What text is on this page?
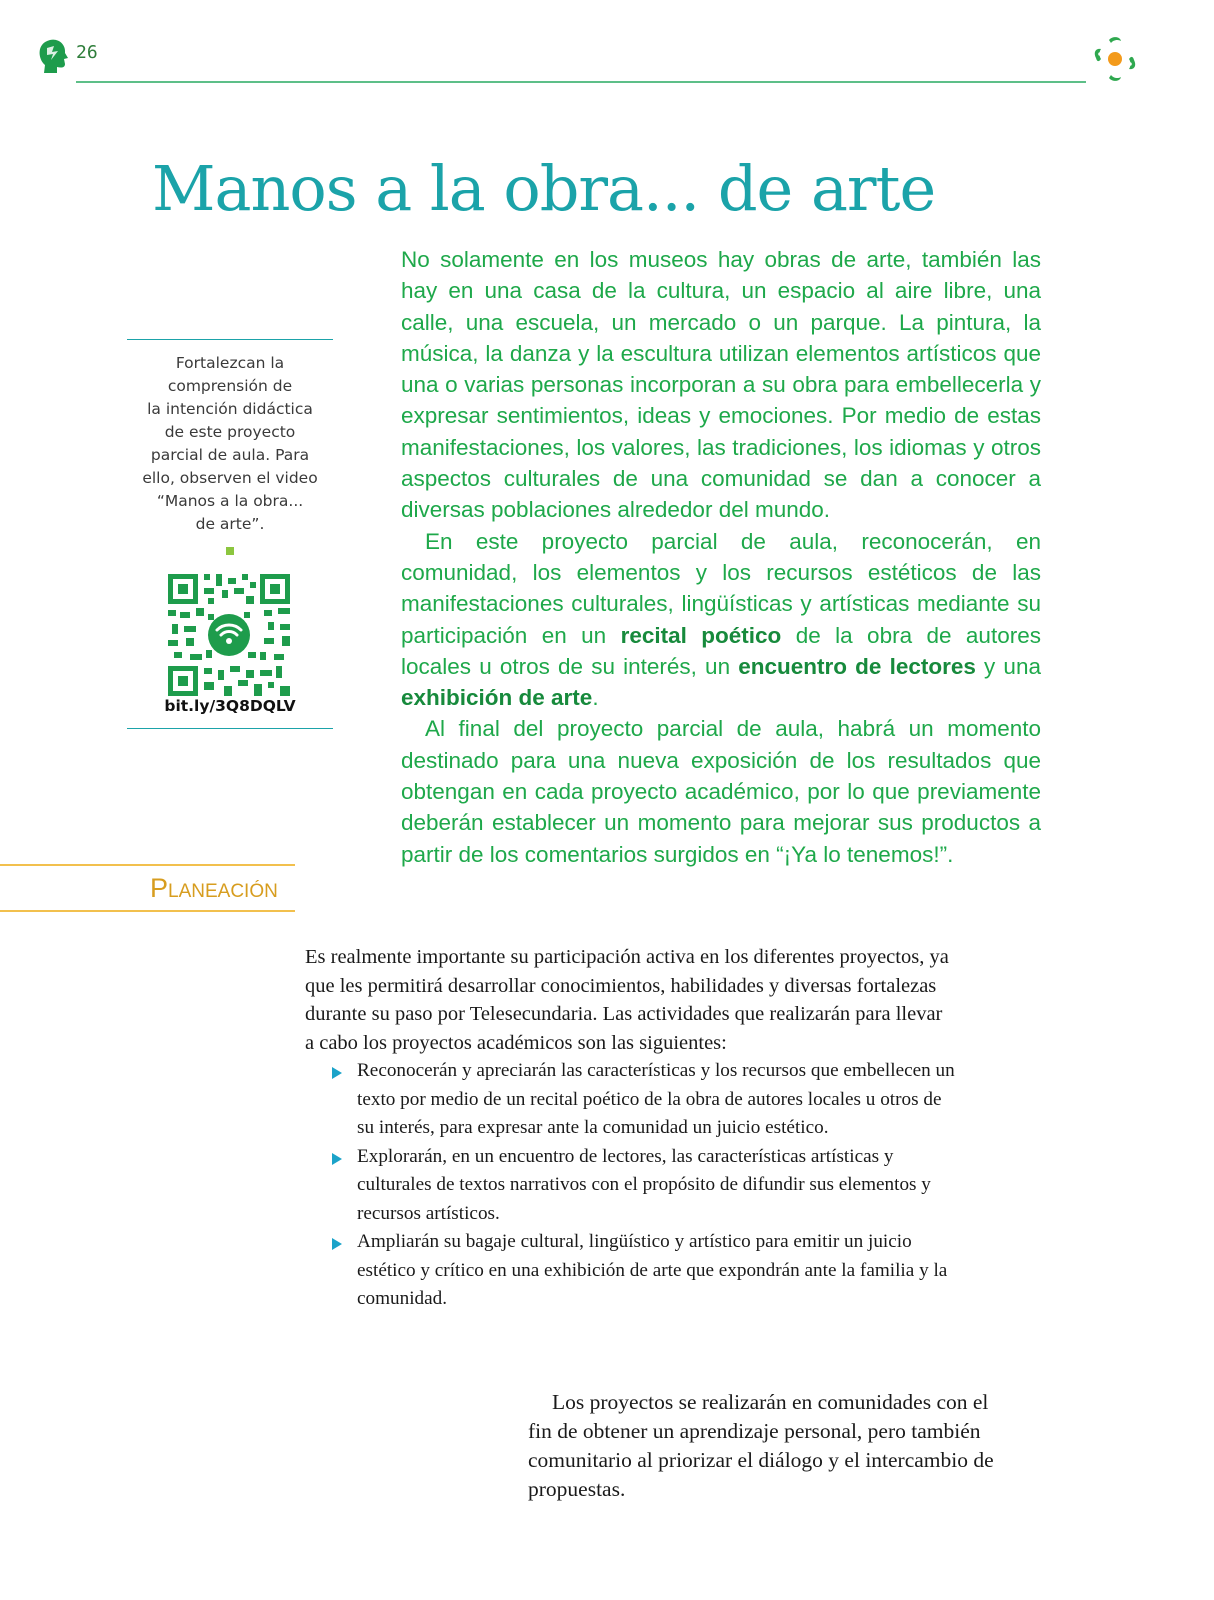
26
Manos a la obra... de arte

No solamente en los museos hay obras de arte, también las hay en una casa de la cultura, un espacio al aire libre, una calle, una escuela, un mercado o un parque. La pintura, la música, la danza y la escultura utilizan elementos artísticos que una o varias personas incorporan a su obra para embellecerla y expresar sentimientos, ideas y emociones. Por medio de estas manifestaciones, los valores, las tradiciones, los idiomas y otros aspectos culturales de una comunidad se dan a conocer a diversas poblaciones alrededor del mundo.

En este proyecto parcial de aula, reconocerán, en comunidad, los elementos y los recursos estéticos de las manifestaciones culturales, lingüísticas y artísticas mediante su participación en un recital poético de la obra de autores locales u otros de su interés, un encuentro de lectores y una exhibición de arte.

Al final del proyecto parcial de aula, habrá un momento destinado para una nueva exposición de los resultados que obtengan en cada proyecto académico, por lo que previamente deberán establecer un momento para mejorar sus productos a partir de los comentarios surgidos en “¡Ya lo tenemos!”.

Fortalezcan la
comprensión de
la intención didáctica
de este proyecto
parcial de aula. Para
ello, observen el video
“Manos a la obra...
de arte”.

bit.ly/3Q8DQLV
Planeación

Es realmente importante su participación activa en los diferentes proyectos, ya que les permitirá desarrollar conocimientos, habilidades y diversas fortalezas durante su paso por Telesecundaria. Las actividades que realizarán para llevar a cabo los proyectos académicos son las siguientes:

Reconocerán y apreciarán las características y los recursos que embellecen un texto por medio de un recital poético de la obra de autores locales u otros de su interés, para expresar ante la comunidad un juicio estético.
Explorarán, en un encuentro de lectores, las características artísticas y culturales de textos narrativos con el propósito de difundir sus elementos y recursos artísticos.
Ampliarán su bagaje cultural, lingüístico y artístico para emitir un juicio estético y crítico en una exhibición de arte que expondrán ante la familia y la comunidad.

Los proyectos se realizarán en comunidades con el fin de obtener un aprendizaje personal, pero también comunitario al priorizar el diálogo y el intercambio de propuestas.
